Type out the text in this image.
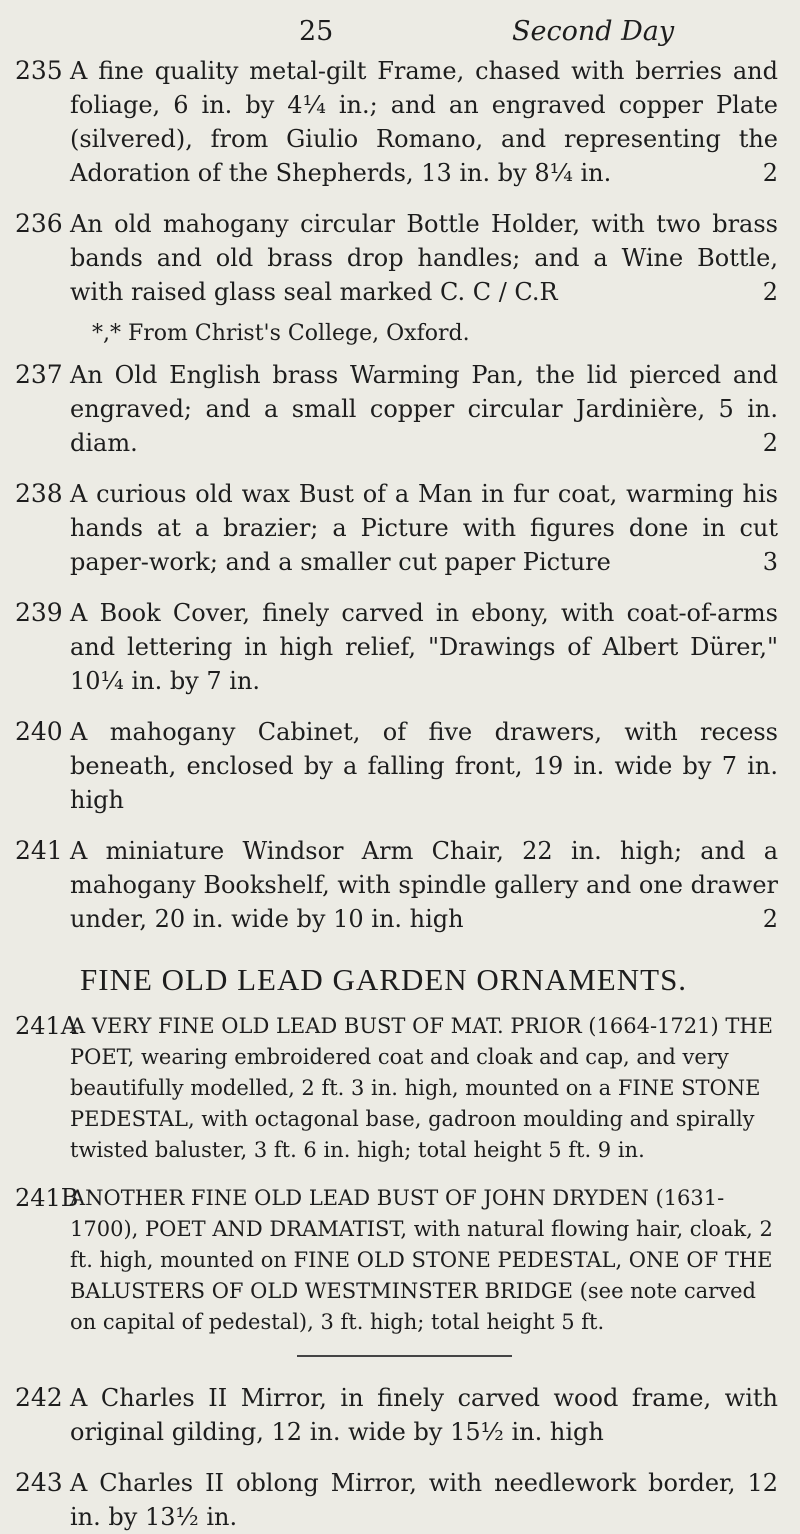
25	Second Day
235 A fine quality metal-gilt Frame, chased with berries and foliage, 6 in. by 4¼ in.; and an engraved copper Plate (silvered), from Giulio Romano, and representing the Adoration of the Shepherds, 13 in. by 8¼ in.	2
236 An old mahogany circular Bottle Holder, with two brass bands and old brass drop handles; and a Wine Bottle, with raised glass seal marked C. C / C.R	2
*,* From Christ's College, Oxford.
237 An Old English brass Warming Pan, the lid pierced and engraved; and a small copper circular Jardinière, 5 in. diam.	2
238 A curious old wax Bust of a Man in fur coat, warming his hands at a brazier; a Picture with figures done in cut paper-work; and a smaller cut paper Picture	3
239 A Book Cover, finely carved in ebony, with coat-of-arms and lettering in high relief, "Drawings of Albert Dürer," 10¼ in. by 7 in.
240 A mahogany Cabinet, of five drawers, with recess beneath, enclosed by a falling front, 19 in. wide by 7 in. high
241 A miniature Windsor Arm Chair, 22 in. high; and a mahogany Bookshelf, with spindle gallery and one drawer under, 20 in. wide by 10 in. high	2
FINE OLD LEAD GARDEN ORNAMENTS.
241A
A VERY FINE OLD LEAD BUST OF MAT. PRIOR (1664-1721) THE POET, wearing embroidered coat and cloak and cap, and very beautifully modelled, 2 ft. 3 in. high, mounted on a FINE STONE PEDESTAL, with octagonal base, gadroon moulding and spirally twisted baluster, 3 ft. 6 in. high; total height 5 ft. 9 in.
241B
ANOTHER FINE OLD LEAD BUST OF JOHN DRYDEN (1631-1700), POET AND DRAMATIST, with natural flowing hair, cloak, 2 ft. high, mounted on FINE OLD STONE PEDESTAL, ONE OF THE BALUSTERS OF OLD WESTMINSTER BRIDGE (see note carved on capital of pedestal), 3 ft. high; total height 5 ft.
242 A Charles II Mirror, in finely carved wood frame, with original gilding, 12 in. wide by 15½ in. high
243 A Charles II oblong Mirror, with needlework border, 12 in. by 13½ in.
